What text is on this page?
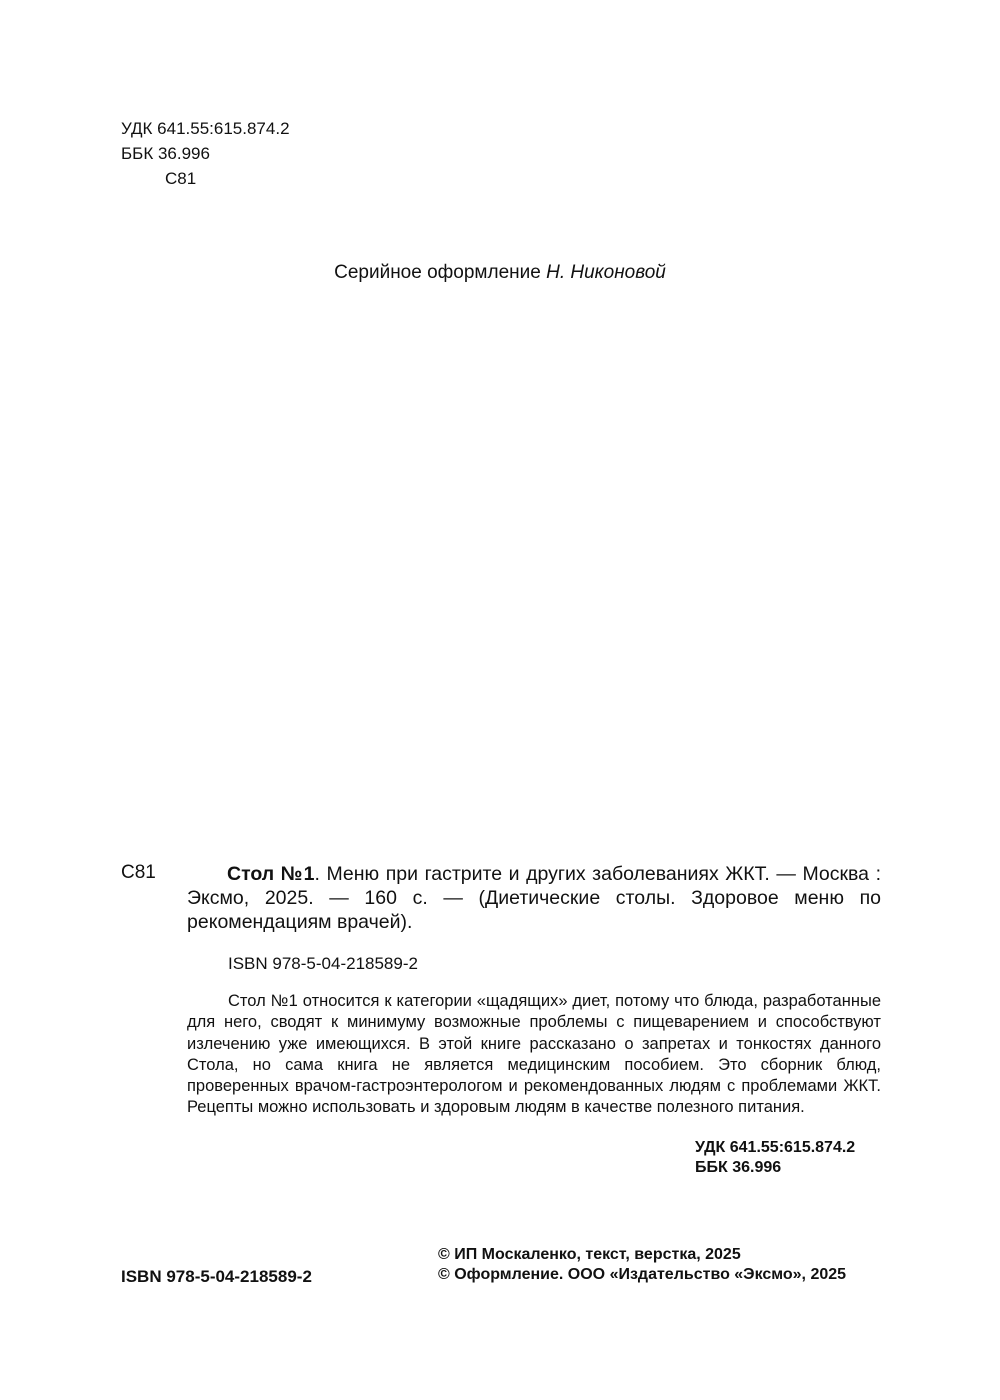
УДК 641.55:615.874.2
ББК 36.996
С81
Серийное оформление Н. Никоновой
С81	Стол №1. Меню при гастрите и других заболеваниях ЖКТ. — Москва : Эксмо, 2025. — 160 с. — (Диетические столы. Здоровое меню по рекомендациям врачей).
ISBN 978-5-04-218589-2
Стол №1 относится к категории «щадящих» диет, потому что блюда, разработанные для него, сводят к минимуму возможные проблемы с пищеварением и способствуют излечению уже имеющихся. В этой книге рассказано о запретах и тонкостях данного Стола, но сама книга не является медицинским пособием. Это сборник блюд, проверенных врачом-гастроэнтерологом и рекомендованных людям с проблемами ЖКТ. Рецепты можно использовать и здоровым людям в качестве полезного питания.
УДК 641.55:615.874.2
ББК 36.996
© ИП Москаленко, текст, верстка, 2025
© Оформление. ООО «Издательство «Эксмо», 2025
ISBN 978-5-04-218589-2
